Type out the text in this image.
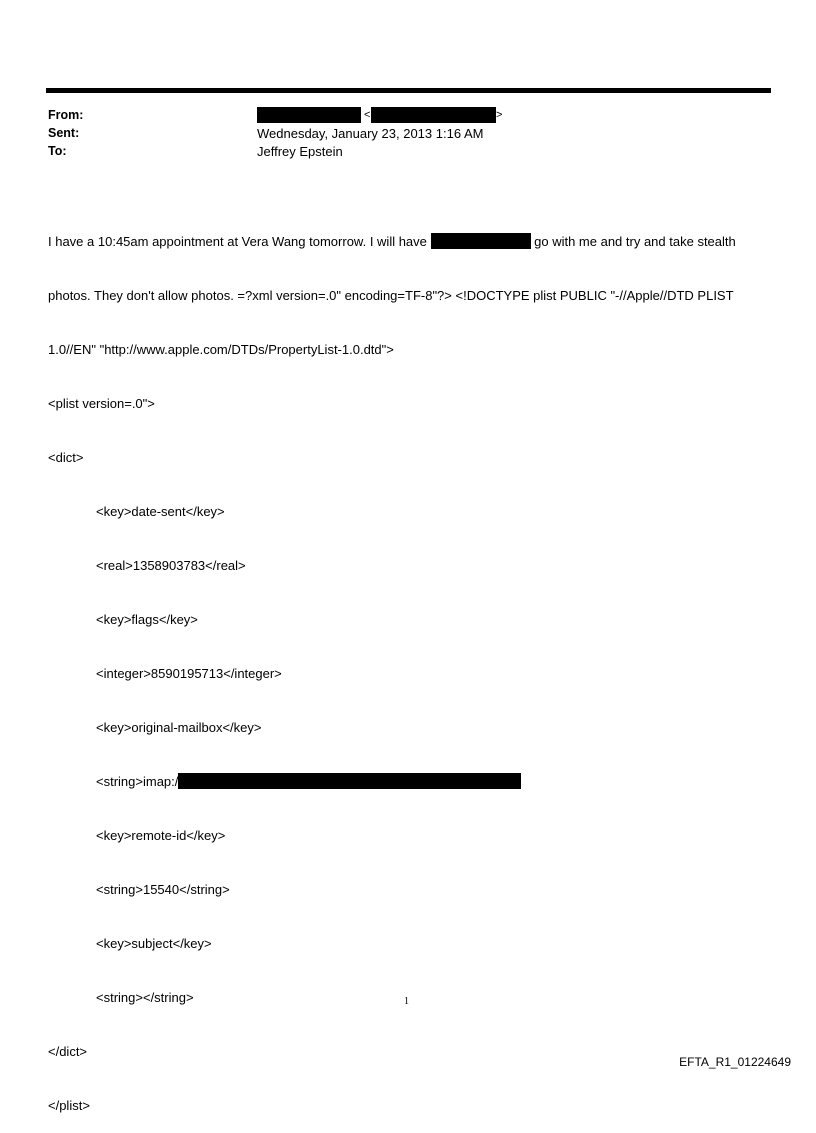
From:
Sent:
To:
<	>
Wednesday, January 23, 2013 1:16 AM
Jeffrey Epstein

I have a 10:45am appointment at Vera Wang tomorrow. I will have	go with me and try and take stealth

photos. They don't allow photos. =?xml version=.0" encoding=TF-8"?> <!DOCTYPE plist PUBLIC "-//Apple//DTD PLIST

1.0//EN" "http://www.apple.com/DTDs/PropertyList-1.0.dtd">

<plist version=.0">

<dict>

<key>date-sent</key>

<real>1358903783</real>

<key>flags</key>

<integer>8590195713</integer>

<key>original-mailbox</key>

<string>imap:/

<key>remote-id</key>

<string>15540</string>

<key>subject</key>

<string></string>

</dict>

</plist>

1
EFTA_R1_01224649
